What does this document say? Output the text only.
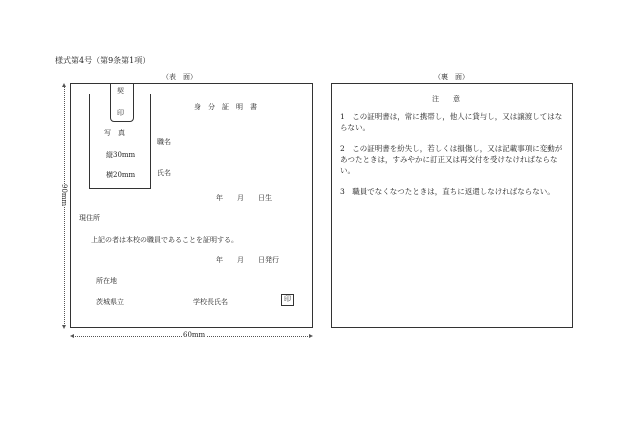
様式第4号（第9条第1項）
（表　面）	（裏　面）
契
印
写　真
縦30mm
横20mm
身　分　証　明　書
職名
氏名
年　　月　　日生
現住所
上記の者は本校の職員であることを証明する。
年　　月　　日発行
所在地
茨城県立	学校長氏名	印
90mm
60mm
注　　意
1　この証明書は，常に携帯し，他人に貸与し，又は譲渡してはならない。
2　この証明書を紛失し，若しくは損傷し，又は記載事項に変動があつたときは，すみやかに訂正又は再交付を受けなければならない。
3　職員でなくなつたときは，直ちに返還しなければならない。
